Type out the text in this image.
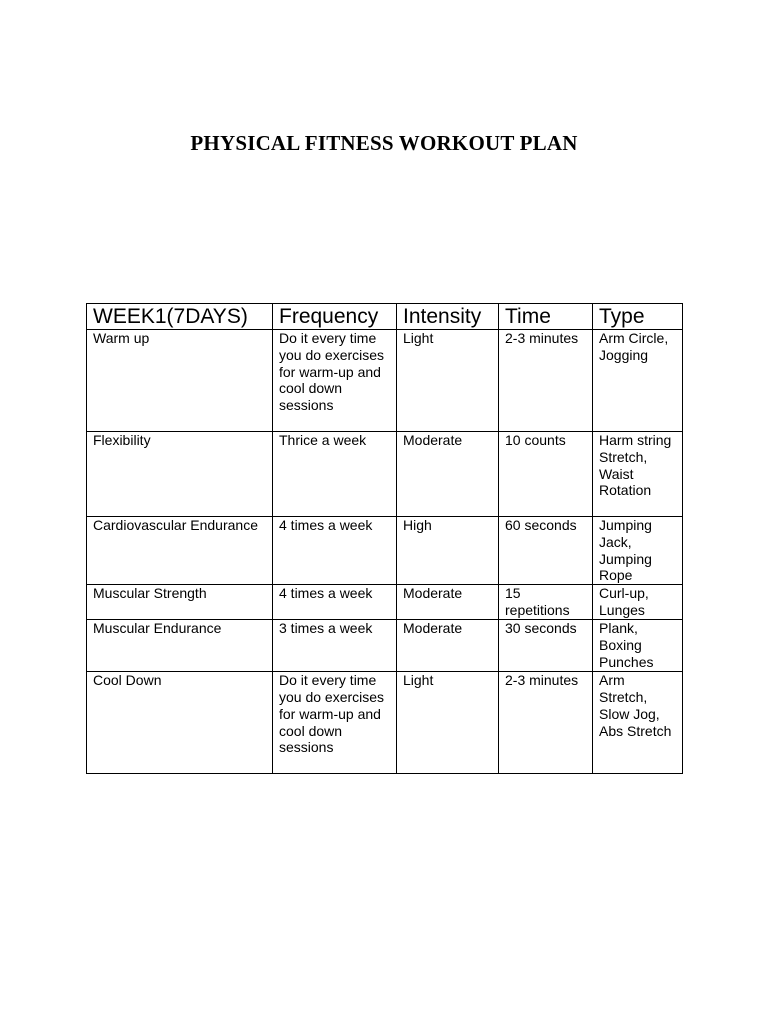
PHYSICAL FITNESS WORKOUT PLAN
WEEK1(7DAYS)	Frequency	Intensity	Time	Type
Warm up	Do it every time you do exercises for warm-up and cool down sessions	Light	2-3 minutes	Arm Circle, Jogging
Flexibility	Thrice a week	Moderate	10 counts	Harm string Stretch, Waist Rotation
Cardiovascular Endurance	4 times a week	High	60 seconds	Jumping Jack, Jumping Rope
Muscular Strength	4 times a week	Moderate	15 repetitions	Curl-up, Lunges
Muscular Endurance	3 times a week	Moderate	30 seconds	Plank, Boxing Punches
Cool Down	Do it every time you do exercises for warm-up and cool down sessions	Light	2-3 minutes	Arm Stretch, Slow Jog, Abs Stretch
